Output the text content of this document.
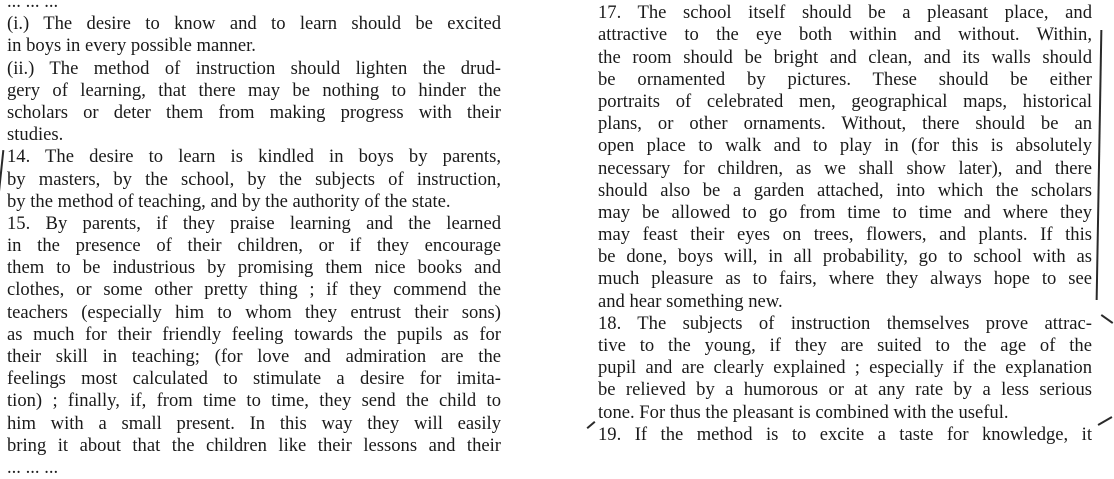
... ... ...
(i.) The desire to know and to learn should be excited
in boys in every possible manner.
(ii.) The method of instruction should lighten the drud-
gery of learning, that there may be nothing to hinder the
scholars or deter them from making progress with their
studies.
14. The desire to learn is kindled in boys by parents,
by masters, by the school, by the subjects of instruction,
by the method of teaching, and by the authority of the state.
15. By parents, if they praise learning and the learned
in the presence of their children, or if they encourage
them to be industrious by promising them nice books and
clothes, or some other pretty thing ; if they commend the
teachers (especially him to whom they entrust their sons)
as much for their friendly feeling towards the pupils as for
their skill in teaching; (for love and admiration are the
feelings most calculated to stimulate a desire for imita-
tion) ; finally, if, from time to time, they send the child to
him with a small present. In this way they will easily
bring it about that the children like their lessons and their
... ... ...
17. The school itself should be a pleasant place, and
attractive to the eye both within and without. Within,
the room should be bright and clean, and its walls should
be ornamented by pictures. These should be either
portraits of celebrated men, geographical maps, historical
plans, or other ornaments. Without, there should be an
open place to walk and to play in (for this is absolutely
necessary for children, as we shall show later), and there
should also be a garden attached, into which the scholars
may be allowed to go from time to time and where they
may feast their eyes on trees, flowers, and plants. If this
be done, boys will, in all probability, go to school with as
much pleasure as to fairs, where they always hope to see
and hear something new.
18. The subjects of instruction themselves prove attrac-
tive to the young, if they are suited to the age of the
pupil and are clearly explained ; especially if the explanation
be relieved by a humorous or at any rate by a less serious
tone. For thus the pleasant is combined with the useful.
19. If the method is to excite a taste for knowledge, it
